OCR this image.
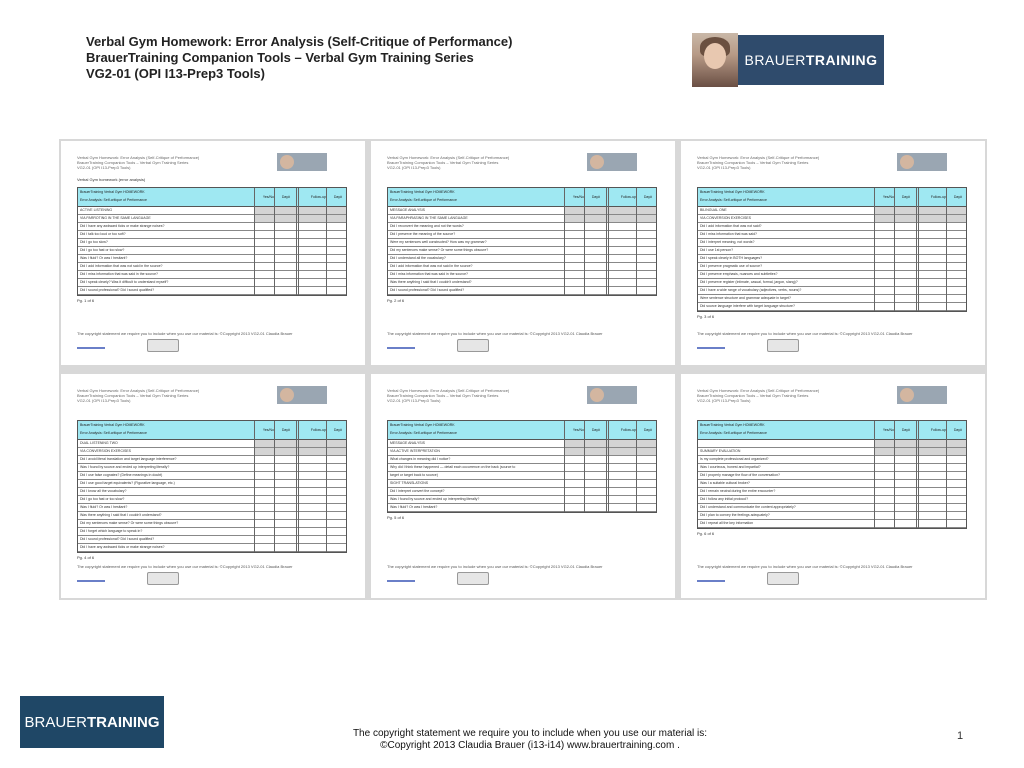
Verbal Gym Homework: Error Analysis (Self-Critique of Performance)
BrauerTraining Companion Tools – Verbal Gym Training Series
VG2-01 (OPI I13-Prep3 Tools)
BRAUER TRAINING
Verbal Gym Homework: Error Analysis (Self-Critique of Performance)
BrauerTraining Companion Tools – Verbal Gym Training Series
VG2-01 (OPI I13-Prep3 Tools)
Verbal Gym homework (error analysis)
BrauerTraining Verbal Gym HOMEWORK
Error Analysis: Self-critique of Performance
Yes/No Day#	Follow-up Day#
ACTIVE LISTENING
VIA PARROTING IN THE SAME LANGUAGE
Did I have any awkward ticks or make strange noises?
Did I talk too loud or too soft?
Did I go too slow?
Did I go too fast or too slow?
Was I fluid? Or was I hesitant?
Did I add information that was not said in the source?
Did I miss information that was said in the source?
Did I speak clearly? Was it difficult to understand myself?
Did I sound professional? Did I sound qualified?
Pg. 1 of 6
The copyright statement we require you to include when you use our material is: ©Copyright 2013 VG2-01 Claudia Brauer
Verbal Gym Homework: Error Analysis (Self-Critique of Performance)
BrauerTraining Companion Tools – Verbal Gym Training Series
VG2-01 (OPI I13-Prep3 Tools)
BrauerTraining Verbal Gym HOMEWORK
Error Analysis: Self-critique of Performance
Yes/No Day#	Follow-up Day#
MESSAGE ANALYSIS
VIA PARAPHRASING IN THE SAME LANGUAGE
Did I reconvert the meaning and not the words?
Did I preserve the meaning of the source?
Were my sentences well constructed? How was my grammar?
Did my sentences make sense? Or were some things obscure?
Did I understand all the vocabulary?
Did I add information that was not said in the source?
Did I miss information that was said in the source?
Was there anything I said that I couldn't understand?
Did I sound professional? Did I sound qualified?
Pg. 2 of 6
The copyright statement we require you to include when you use our material is: ©Copyright 2013 VG2-01 Claudia Brauer
Verbal Gym Homework: Error Analysis (Self-Critique of Performance)
BrauerTraining Companion Tools – Verbal Gym Training Series
VG2-01 (OPI I13-Prep3 Tools)
BrauerTraining Verbal Gym HOMEWORK
Error Analysis: Self-critique of Performance
Yes/No Day#	Follow-up Day#
BILINGUAL ONE
VIA CONVERSION EXERCISES
Did I add information that was not said?
Did I miss information that was said?
Did I interpret meaning, not words?
Did I use 1st person?
Did I speak clearly in BOTH languages?
Did I preserve pragmatic use of source?
Did I preserve emphasis, nuances and subtleties?
Did I preserve register (intimate, casual, formal, jargon, slang)?
Did I have a wide range of vocabulary (adjectives, verbs, nouns)?
Were sentence structure and grammar adequate in target?
Did source language interfere with target language structure?
Pg. 3 of 6
The copyright statement we require you to include when you use our material is: ©Copyright 2013 VG2-01 Claudia Brauer
Verbal Gym Homework: Error Analysis (Self-Critique of Performance)
BrauerTraining Companion Tools – Verbal Gym Training Series
VG2-01 (OPI I13-Prep3 Tools)
BrauerTraining Verbal Gym HOMEWORK
Error Analysis: Self-critique of Performance
Yes/No Day#	Follow-up Day#
DUAL LISTENING TWO
VIA CONVERSION EXERCISES
Did I avoid literal translation and target language interference?
Was I found by source and ended up interpreting literally?
Did I use false cognates? (Define meanings in doubt)
Did I use good target equivalents? (Figurative language, etc.)
Did I know all the vocabulary?
Did I go too fast or too slow?
Was I fluid? Or was I hesitant?
Was there anything I said that I couldn't understand?
Did my sentences make sense? Or were some things obscure?
Did I forget which language to speak in?
Did I sound professional? Did I sound qualified?
Did I have any awkward ticks or make strange noises?
Pg. 4 of 6
The copyright statement we require you to include when you use our material is: ©Copyright 2013 VG2-01 Claudia Brauer
Verbal Gym Homework: Error Analysis (Self-Critique of Performance)
BrauerTraining Companion Tools – Verbal Gym Training Series
VG2-01 (OPI I13-Prep3 Tools)
BrauerTraining Verbal Gym HOMEWORK
Error Analysis: Self-critique of Performance
Yes/No Day#	Follow-up Day#
MESSAGE ANALYSIS
VIA ACTIVE INTERPRETATION
What changes in meaning did I notice?
Why did I think these happened — detail each occurrence on the back (source to
target or target back to source)
SIGHT TRANSLATIONS
Did I interpret convert the concept?
Was I found by source and ended up interpreting literally?
Was I fluid? Or was I hesitant?
Pg. 5 of 6
The copyright statement we require you to include when you use our material is: ©Copyright 2013 VG2-01 Claudia Brauer
Verbal Gym Homework: Error Analysis (Self-Critique of Performance)
BrauerTraining Companion Tools – Verbal Gym Training Series
VG2-01 (OPI I13-Prep3 Tools)
BrauerTraining Verbal Gym HOMEWORK
Error Analysis: Self-critique of Performance
Yes/No Day#	Follow-up Day#
SUMMARY EVALUATION
Is my complete professional and organized?
Was I courteous, honest and impartial?
Did I properly manage the flow of the conversation?
Was I a suitable cultural broker?
Did I remain neutral during the entire encounter?
Did I follow any initial protocol?
Did I understand and communicate the content appropriately?
Did I plan to convey the feelings adequately?
Did I repeat all the key information
Pg. 6 of 6
The copyright statement we require you to include when you use our material is: ©Copyright 2013 VG2-01 Claudia Brauer
BRAUER TRAINING
The copyright statement we require you to include when you use our material is:
©Copyright 2013 Claudia Brauer (i13-i14) www.brauertraining.com .
1
